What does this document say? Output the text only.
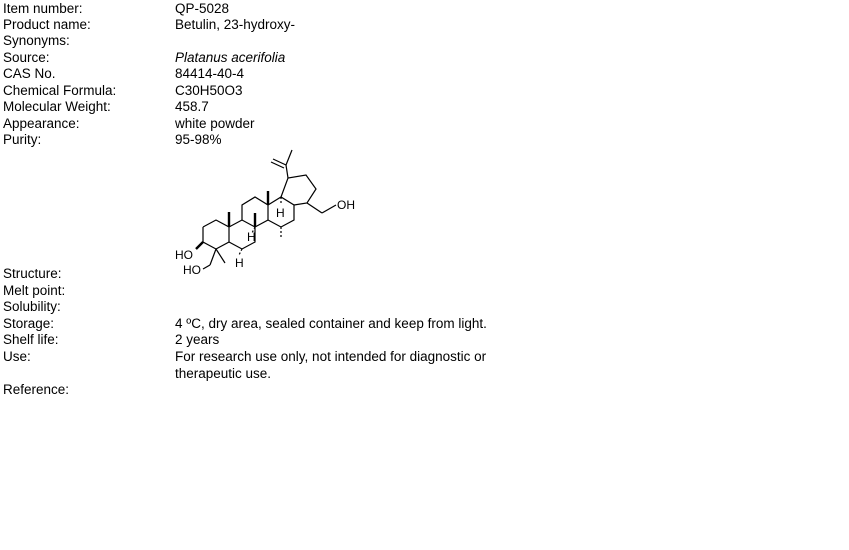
Item number:	QP-5028
Product name:	Betulin, 23-hydroxy-
Synonyms:
Source:	Platanus acerifolia
CAS No.	84414-40-4
Chemical Formula:	C30H50O3
Molecular Weight:	458.7
Appearance:	white powder
Purity:	95-98%
OH
HO
HO
H
H
H
Structure:
Melt point:
Solubility:
Storage:	4 ºC, dry area, sealed container and keep from light.
Shelf life:	2 years
Use:	For research use only, not intended for diagnostic or
therapeutic use.
Reference:
